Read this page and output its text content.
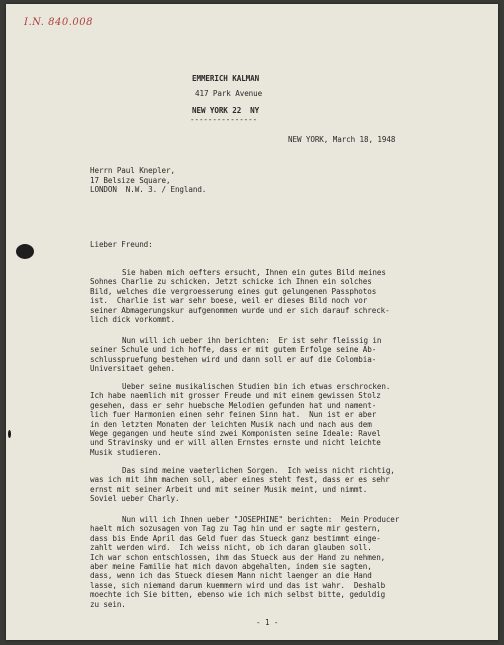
I.N. 840.008
EMMERICH KALMAN
417 Park Avenue
NEW YORK 22  NY
---------------
NEW YORK, March 18, 1948
Herrn Paul Knepler,
17 Belsize Square,
LONDON  N.W. 3. / England.
Lieber Freund:

Sie haben mich oefters ersucht, Ihnen ein gutes Bild meines
Sohnes Charlie zu schicken. Jetzt schicke ich Ihnen ein solches
Bild, welches die vergroesserung eines gut gelungenen Passphotos
ist.  Charlie ist war sehr boese, weil er dieses Bild noch vor
seiner Abmagerungskur aufgenommen wurde und er sich darauf schreck-
lich dick vorkommt.

Nun will ich ueber ihn berichten:  Er ist sehr fleissig in
seiner Schule und ich hoffe, dass er mit gutem Erfolge seine Ab-
schlusspruefung bestehen wird und dann soll er auf die Colombia-
Universitaet gehen.

Ueber seine musikalischen Studien bin ich etwas erschrocken.
Ich habe naemlich mit grosser Freude und mit einem gewissen Stolz
gesehen, dass er sehr huebsche Melodien gefunden hat und nament-
lich fuer Harmonien einen sehr feinen Sinn hat.  Nun ist er aber
in den letzten Monaten der leichten Musik nach und nach aus dem
Wege gegangen und heute sind zwei Komponisten seine Ideale: Ravel
und Stravinsky und er will allen Ernstes ernste und nicht leichte
Musik studieren.

Das sind meine vaeterlichen Sorgen.  Ich weiss nicht richtig,
was ich mit ihm machen soll, aber eines steht fest, dass er es sehr
ernst mit seiner Arbeit und mit seiner Musik meint, und nimmt.
Soviel ueber Charly.

Nun will ich Ihnen ueber "JOSEPHINE" berichten:  Mein Producer
haelt mich sozusagen von Tag zu Tag hin und er sagte mir gestern,
dass bis Ende April das Geld fuer das Stueck ganz bestimmt einge-
zahlt werden wird.  Ich weiss nicht, ob ich daran glauben soll.
Ich war schon entschlossen, ihm das Stueck aus der Hand zu nehmen,
aber meine Familie hat mich davon abgehalten, indem sie sagten,
dass, wenn ich das Stueck diesem Mann nicht laenger an die Hand
lasse, sich niemand darum kuemmern wird und das ist wahr.  Deshalb
moechte ich Sie bitten, ebenso wie ich mich selbst bitte, geduldig
zu sein.

- 1 -
